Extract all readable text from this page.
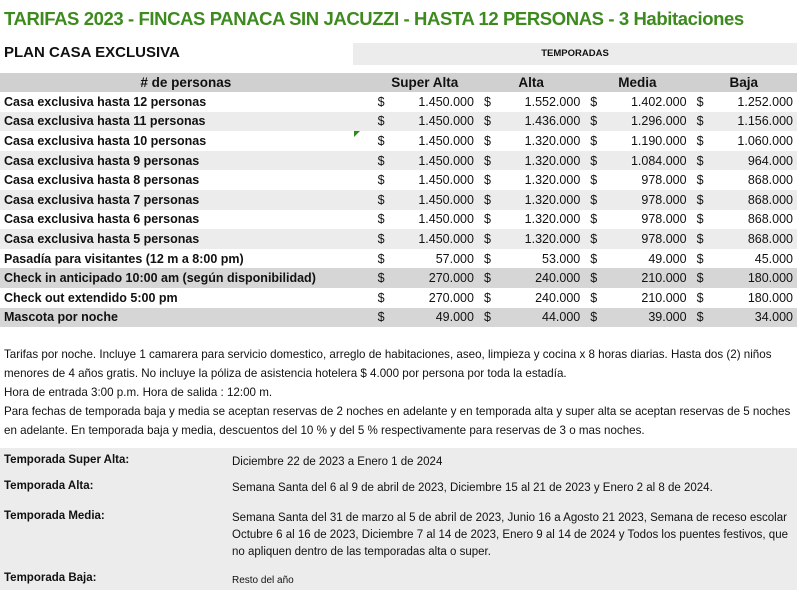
TARIFAS 2023 - FINCAS PANACA SIN JACUZZI - HASTA 12 PERSONAS - 3 Habitaciones
PLAN CASA EXCLUSIVA	TEMPORADAS
# de personas	Super Alta		Alta		Media		Baja	
Casa exclusiva hasta 12 personas	$	1.450.000	$	1.552.000	$	1.402.000	$	1.252.000
Casa exclusiva hasta 11 personas	$	1.450.000	$	1.436.000	$	1.296.000	$	1.156.000
Casa exclusiva hasta 10 personas	$	1.450.000	$	1.320.000	$	1.190.000	$	1.060.000
Casa exclusiva hasta 9 personas	$	1.450.000	$	1.320.000	$	1.084.000	$	964.000
Casa exclusiva hasta 8 personas	$	1.450.000	$	1.320.000	$	978.000	$	868.000
Casa exclusiva hasta 7 personas	$	1.450.000	$	1.320.000	$	978.000	$	868.000
Casa exclusiva hasta 6 personas	$	1.450.000	$	1.320.000	$	978.000	$	868.000
Casa exclusiva hasta 5 personas	$	1.450.000	$	1.320.000	$	978.000	$	868.000
Pasadía para visitantes (12 m a 8:00 pm)	$	57.000	$	53.000	$	49.000	$	45.000
Check in anticipado 10:00 am (según disponibilidad)	$	270.000	$	240.000	$	210.000	$	180.000
Check out extendido 5:00 pm	$	270.000	$	240.000	$	210.000	$	180.000
Mascota por noche	$	49.000	$	44.000	$	39.000	$	34.000

Tarifas por noche. Incluye 1 camarera para servicio domestico, arreglo de habitaciones, aseo, limpieza y cocina x 8 horas diarias. Hasta dos (2) niños menores de 4 años gratis. No incluye la póliza de asistencia hotelera $ 4.000 por persona por toda la estadía.

Hora de entrada 3:00 p.m. Hora de salida : 12:00 m.

Para fechas de temporada baja y media se aceptan reservas de 2 noches en adelante y en temporada alta y super alta se aceptan reservas de 5 noches en adelante. En temporada baja y media, descuentos del 10 % y del 5 % respectivamente para reservas de 3 o mas noches.

Temporada Super Alta:	Diciembre 22 de 2023 a Enero 1 de 2024
Temporada Alta:	Semana Santa del 6 al 9 de abril de 2023, Diciembre 15 al 21 de 2023 y Enero 2 al 8 de 2024.
Temporada Media:	Semana Santa del 31 de marzo al 5 de abril de 2023, Junio 16 a Agosto 21 2023, Semana de receso escolar Octubre 6 al 16 de 2023, Diciembre 7 al 14 de 2023, Enero 9 al 14 de 2024 y Todos los puentes festivos, que no apliquen dentro de las temporadas alta o super.
Temporada Baja:	Resto del año
